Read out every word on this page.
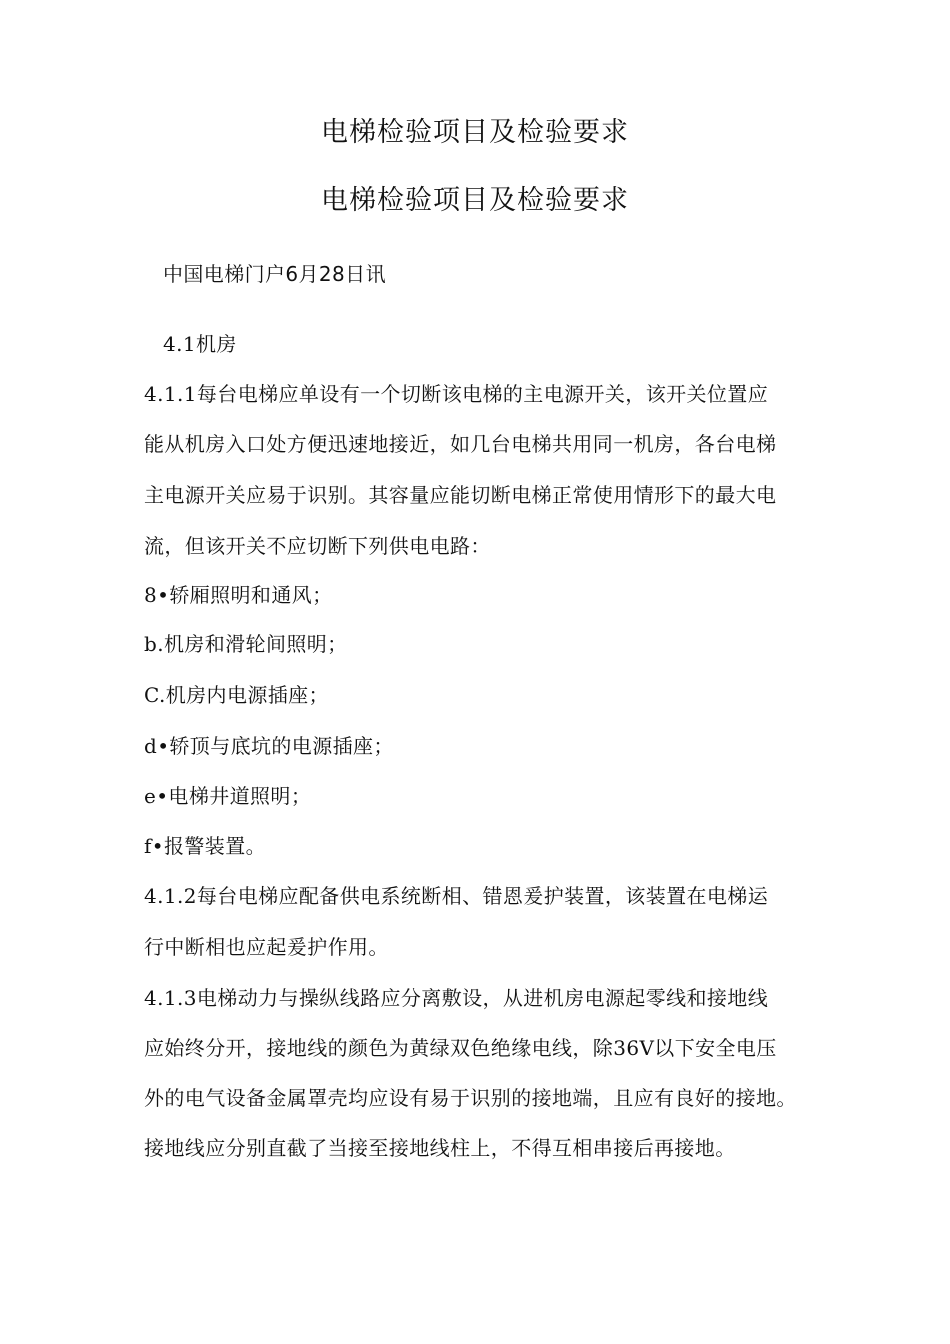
电梯检验项目及检验要求
电梯检验项目及检验要求
中国电梯门户6月28日讯
4.1机房
4.1.1每台电梯应单设有一个切断该电梯的主电源开关，该开关位置应
能从机房入口处方便迅速地接近，如几台电梯共用同一机房，各台电梯
主电源开关应易于识别。其容量应能切断电梯正常使用情形下的最大电
流，但该开关不应切断下列供电电路：
8•轿厢照明和通风；
b.机房和滑轮间照明；
C.机房内电源插座；
d•轿顶与底坑的电源插座；
e•电梯井道照明；
f•报警装置。
4.1.2每台电梯应配备供电系统断相、错恩爰护装置，该装置在电梯运
行中断相也应起爰护作用。
4.1.3电梯动力与操纵线路应分离敷设，从进机房电源起零线和接地线
应始终分开，接地线的颜色为黄绿双色绝缘电线，除36V以下安全电压
外的电气设备金属罩壳均应设有易于识别的接地端，且应有良好的接地。
接地线应分别直截了当接至接地线柱上，不得互相串接后再接地。
